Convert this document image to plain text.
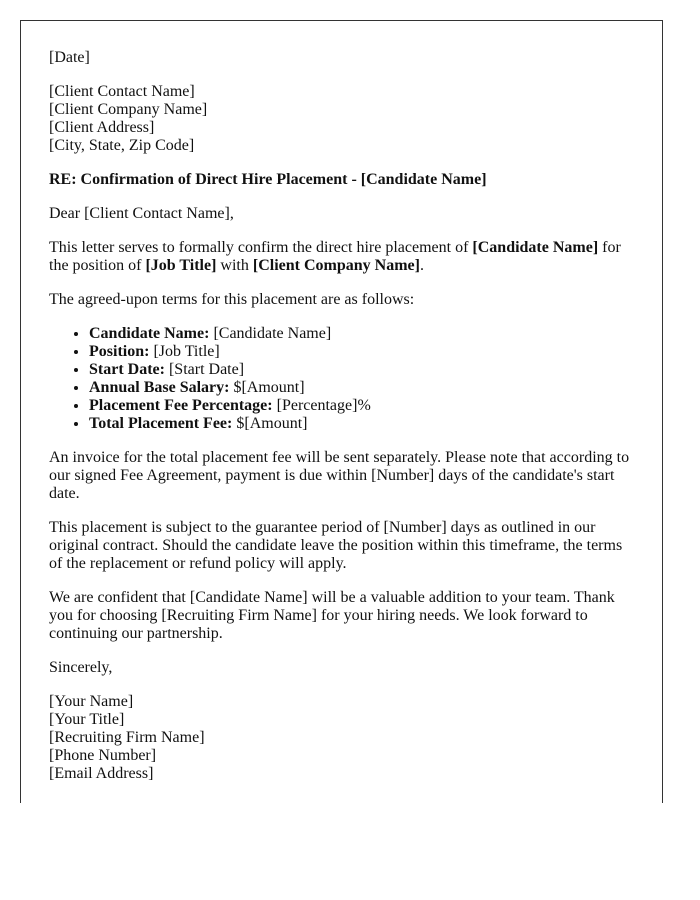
[Date]

[Client Contact Name]
[Client Company Name]
[Client Address]
[City, State, Zip Code]

RE: Confirmation of Direct Hire Placement - [Candidate Name]

Dear [Client Contact Name],

This letter serves to formally confirm the direct hire placement of [Candidate Name] for the position of [Job Title] with [Client Company Name].

The agreed-upon terms for this placement are as follows:

• Candidate Name: [Candidate Name]
• Position: [Job Title]
• Start Date: [Start Date]
• Annual Base Salary: $[Amount]
• Placement Fee Percentage: [Percentage]%
• Total Placement Fee: $[Amount]

An invoice for the total placement fee will be sent separately. Please note that according to our signed Fee Agreement, payment is due within [Number] days of the candidate's start date.

This placement is subject to the guarantee period of [Number] days as outlined in our original contract. Should the candidate leave the position within this timeframe, the terms of the replacement or refund policy will apply.

We are confident that [Candidate Name] will be a valuable addition to your team. Thank you for choosing [Recruiting Firm Name] for your hiring needs. We look forward to continuing our partnership.

Sincerely,

[Your Name]
[Your Title]
[Recruiting Firm Name]
[Phone Number]
[Email Address]
